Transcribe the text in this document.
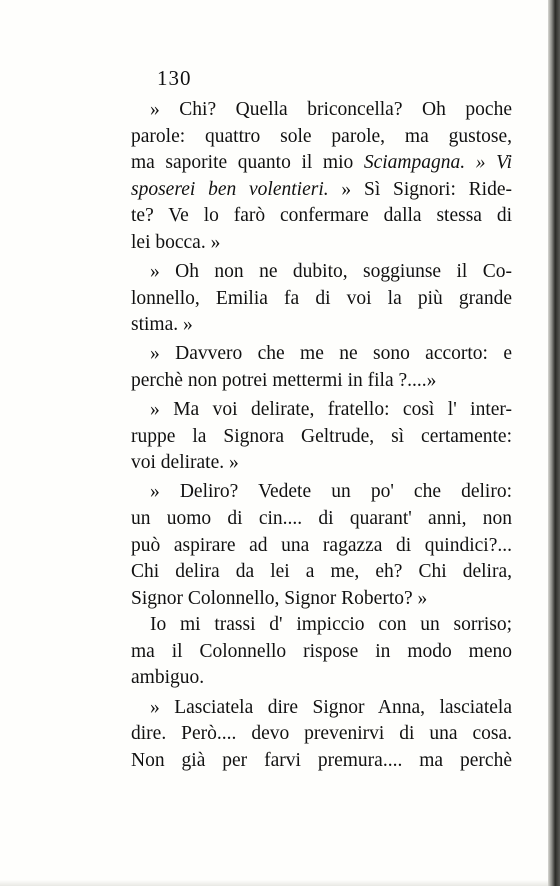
130
» Chi? Quella briconcella? Oh poche
parole: quattro sole parole, ma gustose,
ma saporite quanto il mio Sciampagna. » Vi
sposerei ben volentieri. » Sì Signori: Ride-
te? Ve lo farò confermare dalla stessa di
lei bocca. »
» Oh non ne dubito, soggiunse il Co-
lonnello, Emilia fa di voi la più grande
stima. »
» Davvero che me ne sono accorto: e
perchè non potrei mettermi in fila ?....»
» Ma voi delirate, fratello: così l' inter-
ruppe la Signora Geltrude, sì certamente:
voi delirate. »
» Deliro? Vedete un po' che deliro:
un uomo di cin.... di quarant' anni, non
può aspirare ad una ragazza di quindici?...
Chi delira da lei a me, eh? Chi delira,
Signor Colonnello, Signor Roberto? »
Io mi trassi d' impiccio con un sorriso;
ma il Colonnello rispose in modo meno
ambiguo.
» Lasciatela dire Signor Anna, lasciatela
dire. Però.... devo prevenirvi di una cosa.
Non già per farvi premura.... ma perchè
